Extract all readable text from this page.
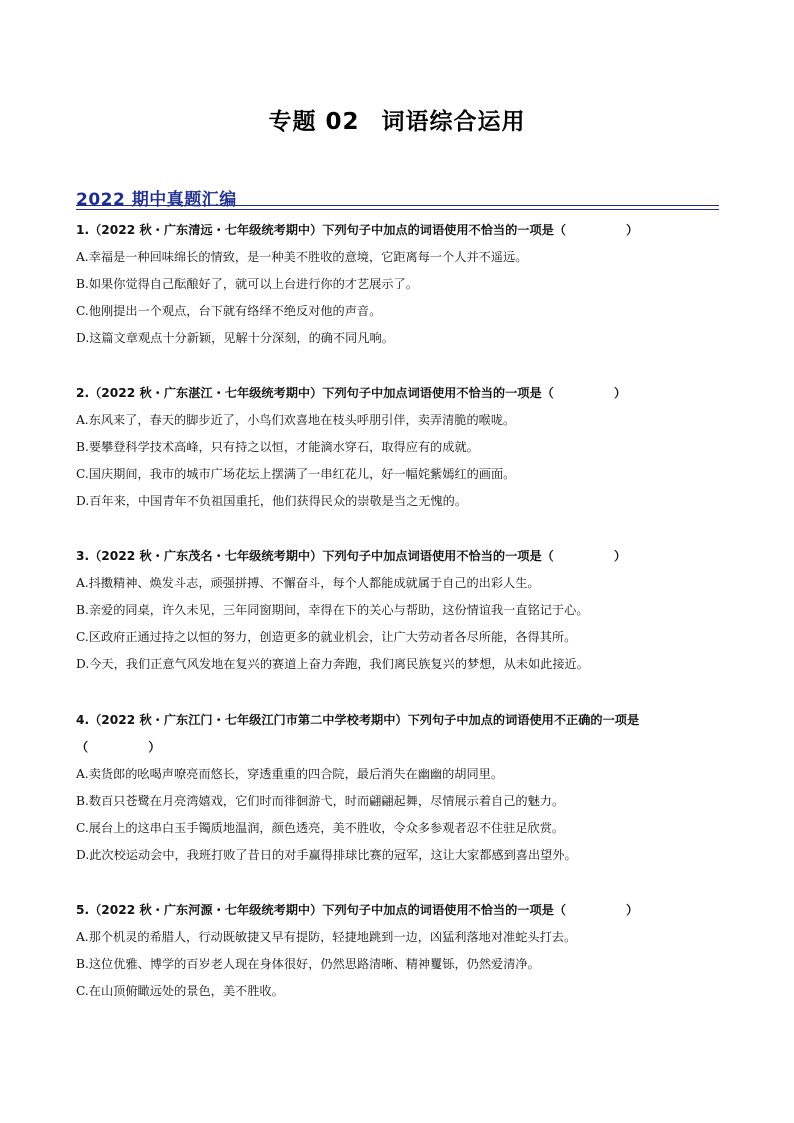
专题 02 词语综合运用
2022 期中真题汇编
1.（2022 秋・广东清远・七年级统考期中）下列句子中加点的词语使用不恰当的一项是（	）
A.幸福是一种回味绵长的情致，是一种美不胜收的意境，它距离每一个人并不遥远。
B.如果你觉得自己酝酿好了，就可以上台进行你的才艺展示了。
C.他刚提出一个观点，台下就有络绎不绝反对他的声音。
D.这篇文章观点十分新颖，见解十分深刻，的确不同凡响。
2.（2022 秋・广东湛江・七年级统考期中）下列句子中加点词语使用不恰当的一项是（	）
A.东风来了，春天的脚步近了，小鸟们欢喜地在枝头呼朋引伴，卖弄清脆的喉咙。
B.要攀登科学技术高峰，只有持之以恒，才能滴水穿石，取得应有的成就。
C.国庆期间，我市的城市广场花坛上摆满了一串红花儿，好一幅姹紫嫣红的画面。
D.百年来，中国青年不负祖国重托，他们获得民众的崇敬是当之无愧的。
3.（2022 秋・广东茂名・七年级统考期中）下列句子中加点词语使用不恰当的一项是（	）
A.抖擞精神、焕发斗志，顽强拼搏、不懈奋斗，每个人都能成就属于自己的出彩人生。
B.亲爱的同桌，许久未见，三年同窗期间，幸得在下的关心与帮助，这份情谊我一直铭记于心。
C.区政府正通过持之以恒的努力，创造更多的就业机会，让广大劳动者各尽所能，各得其所。
D.今天，我们正意气风发地在复兴的赛道上奋力奔跑，我们离民族复兴的梦想，从未如此接近。
4.（2022 秋・广东江门・七年级江门市第二中学校考期中）下列句子中加点的词语使用不正确的一项是
（	）
A.卖货郎的吆喝声嘹亮而悠长，穿透重重的四合院，最后消失在幽幽的胡同里。
B.数百只苍鹭在月亮湾嬉戏，它们时而徘徊游弋，时而翩翩起舞，尽情展示着自己的魅力。
C.展台上的这串白玉手镯质地温润，颜色透亮，美不胜收，令众多参观者忍不住驻足欣赏。
D.此次校运动会中，我班打败了昔日的对手赢得排球比赛的冠军，这让大家都感到喜出望外。
5.（2022 秋・广东河源・七年级统考期中）下列句子中加点的词语使用不恰当的一项是（	）
A.那个机灵的希腊人，行动既敏捷又早有提防，轻捷地跳到一边，凶猛利落地对准蛇头打去。
B.这位优雅、博学的百岁老人现在身体很好，仍然思路清晰、精神矍铄，仍然爱清净。
C.在山顶俯瞰远处的景色，美不胜收。
